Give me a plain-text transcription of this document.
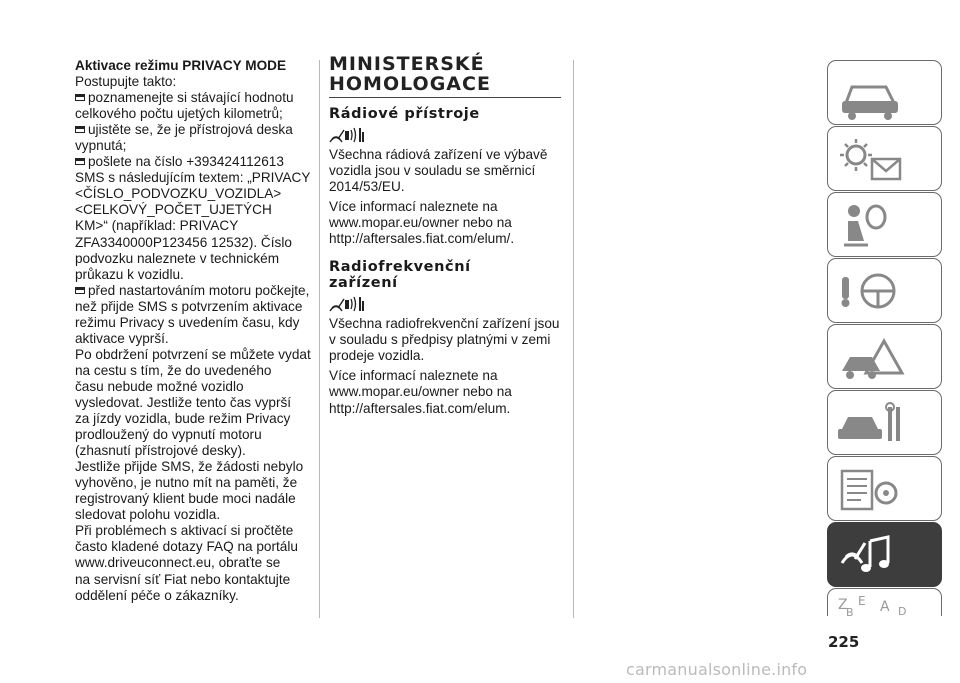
Aktivace režimu PRIVACY MODE

Postupujte takto:

poznamenejte si stávající hodnotu
celkového počtu ujetých kilometrů;

ujistěte se, že je přístrojová deska
vypnutá;

pošlete na číslo +393424112613
SMS s následujícím textem: „PRIVACY
<ČÍSLO_PODVOZKU_VOZIDLA>
<CELKOVÝ_POČET_UJETÝCH
KM>“ (například: PRIVACY
ZFA3340000P123456 12532). Číslo
podvozku naleznete v technickém
průkazu k vozidlu.

před nastartováním motoru počkejte,
než přijde SMS s potvrzením aktivace
režimu Privacy s uvedením času, kdy
aktivace vyprší.

Po obdržení potvrzení se můžete vydat
na cestu s tím, že do uvedeného
času nebude možné vozidlo
vysledovat. Jestliže tento čas vyprší
za jízdy vozidla, bude režim Privacy
prodloužený do vypnutí motoru
(zhasnutí přístrojové desky).

Jestliže přijde SMS, že žádosti nebylo
vyhověno, je nutno mít na paměti, že
registrovaný klient bude moci nadále
sledovat polohu vozidla.

Při problémech s aktivací si pročtěte
často kladené dotazy FAQ na portálu
www.driveuconnect.eu, obraťte se
na servisní síť Fiat nebo kontaktujte
oddělení péče o zákazníky.

MINISTERSKÉ

HOMOLOGACE
Rádiové přístroje

Všechna rádiová zařízení ve výbavě
vozidla jsou v souladu se směrnicí
2014/53/EU.

Více informací naleznete na
www.mopar.eu/owner nebo na
http://aftersales.fiat.com/elum/.

Radiofrekvenční
zařízení

Všechna radiofrekvenční zařízení jsou
v souladu s předpisy platnými v zemi
prodeje vozidla.

Více informací naleznete na
www.mopar.eu/owner nebo na
http://aftersales.fiat.com/elum.

Z E A
B	D
225
carmanualsonline.info
